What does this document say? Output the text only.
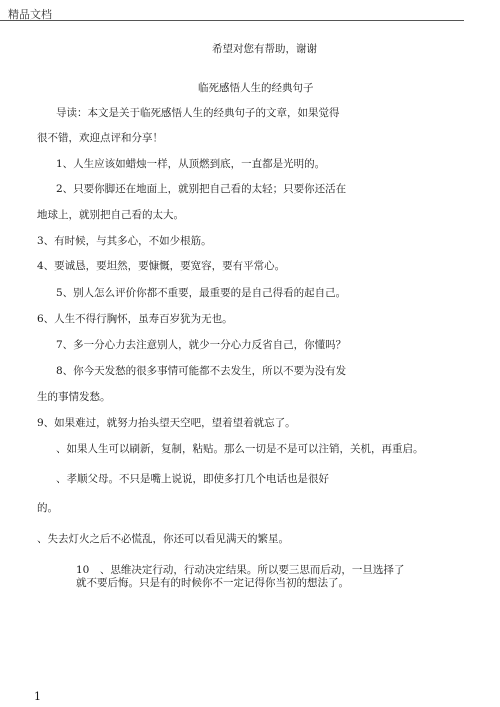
精品文档
希望对您有帮助，谢谢
临死感悟人生的经典句子
导读：本文是关于临死感悟人生的经典句子的文章，如果觉得
很不错，欢迎点评和分享！
1、人生应该如蜡烛一样，从顶燃到底，一直都是光明的。
2、只要你脚还在地面上，就别把自己看的太轻；只要你还活在
地球上，就别把自己看的太大。
3、有时候，与其多心，不如少根筋。
4、要诚恳，要坦然，要慷慨，要宽容，要有平常心。
5、别人怎么评价你都不重要，最重要的是自己得看的起自己。
6、人生不得行胸怀，虽寿百岁犹为无也。
7、多一分心力去注意别人，就少一分心力反省自己，你懂吗？
8、你今天发愁的很多事情可能都不去发生，所以不要为没有发
生的事情发愁。
9、如果难过，就努力抬头望天空吧，望着望着就忘了。
、如果人生可以刷新，复制，粘贴。那么一切是不是可以注销，关机，再重启。
、孝顺父母。不只是嘴上说说，即使多打几个电话也是很好
的。
、失去灯火之后不必慌乱，你还可以看见满天的繁星。
10　、思维决定行动，行动决定结果。所以要三思而后动，一旦选择了就不要后悔。只是有的时候你不一定记得你当初的想法了。
1
